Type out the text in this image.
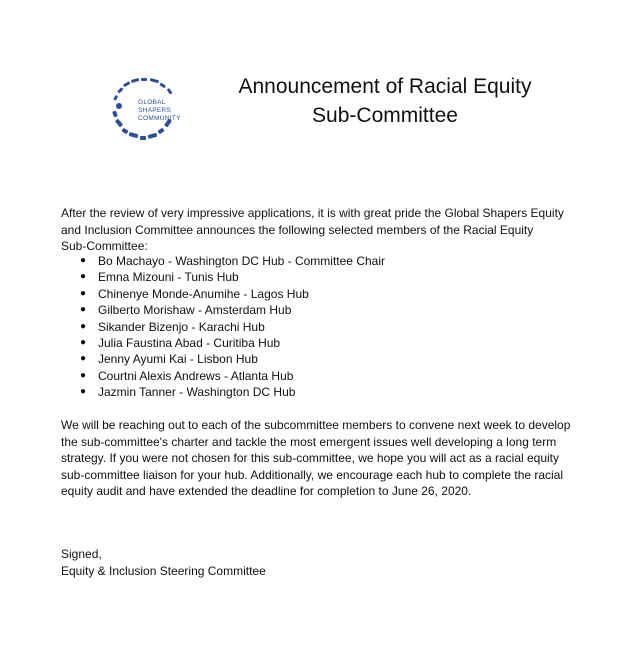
GLOBAL
SHAPERS
COMMUNITY
Announcement of Racial Equity
Sub-Committee
After the review of very impressive applications, it is with great pride the Global Shapers Equity
and Inclusion Committee announces the following selected members of the Racial Equity
Sub-Committee:
● Bo Machayo - Washington DC Hub - Committee Chair
● Emna Mizouni - Tunis Hub
● Chinenye Monde-Anumihe - Lagos Hub
● Gilberto Morishaw - Amsterdam Hub
● Sikander Bizenjo - Karachi Hub
● Julia Faustina Abad - Curitiba Hub
● Jenny Ayumi Kai - Lisbon Hub
● Courtni Alexis Andrews - Atlanta Hub
● Jazmin Tanner - Washington DC Hub
We will be reaching out to each of the subcommittee members to convene next week to develop
the sub-committee's charter and tackle the most emergent issues well developing a long term
strategy. If you were not chosen for this sub-committee, we hope you will act as a racial equity
sub-committee liaison for your hub. Additionally, we encourage each hub to complete the racial
equity audit and have extended the deadline for completion to June 26, 2020.
Signed,
Equity & Inclusion Steering Committee
